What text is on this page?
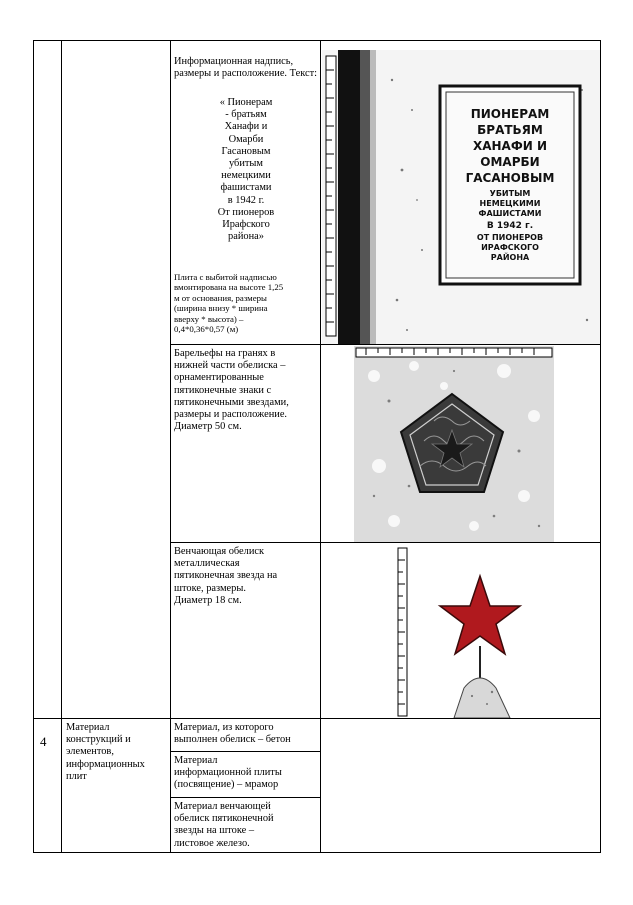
Информационная надпись, размеры и расположение. Текст:
« Пионерам
- братьям
Ханафи и
Омарби
Гасановым
убитым
немецкими
фашистами
в 1942 г.
От пионеров
Ирафского
района»
Плита с выбитой надписью
вмонтирована на высоте 1,25
м от основания, размеры
(ширина внизу * ширина
вверху * высота) –
0,4*0,36*0,57 (м)
ПИОНЕРАМ
БРАТЬЯМ
ХАНАФИ И
ОМАРБИ
ГАСАНОВЫМ
УБИТЫМ
НЕМЕЦКИМИ
ФАШИСТАМИ
В 1942 г.
ОТ ПИОНЕРОВ
ИРАФСКОГО
РАЙОНА
Барельефы на гранях в
нижней части обелиска –
орнаментированные
пятиконечные знаки с
пятиконечными звездами,
размеры и расположение.
Диаметр 50 см.
Венчающая обелиск
металлическая
пятиконечная звезда на
штоке, размеры.
Диаметр 18 см.
4
Материал
конструкций и
элементов,
информационных
плит
Материал, из которого
выполнен обелиск – бетон
Материал
информационной плиты
(посвящение) – мрамор
Материал венчающей
обелиск пятиконечной
звезды на штоке –
листовое железо.
